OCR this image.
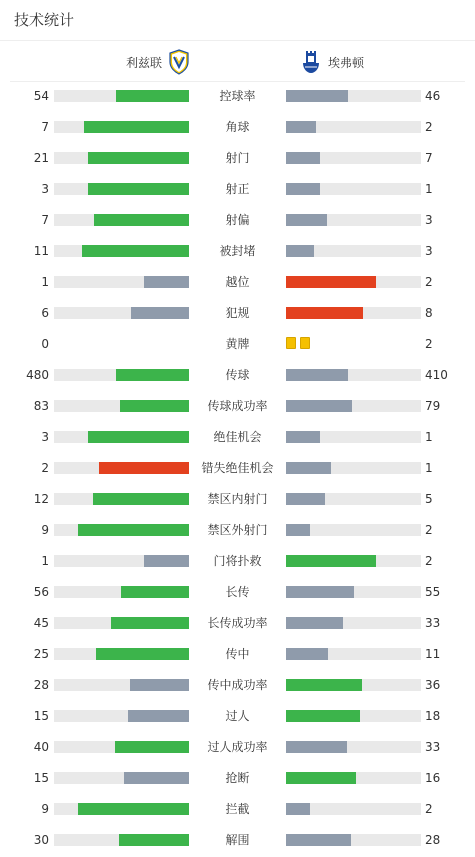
技术统计
利兹联	埃弗顿
54	控球率	46
7	角球	2
21	射门	7
3	射正	1
7	射偏	3
11	被封堵	3
1	越位	2
6	犯规	8
0	黄牌	2
480	传球	410
83	传球成功率	79
3	绝佳机会	1
2	错失绝佳机会	1
12	禁区内射门	5
9	禁区外射门	2
1	门将扑救	2
56	长传	55
45	长传成功率	33
25	传中	11
28	传中成功率	36
15	过人	18
40	过人成功率	33
15	抢断	16
9	拦截	2
30	解围	28
